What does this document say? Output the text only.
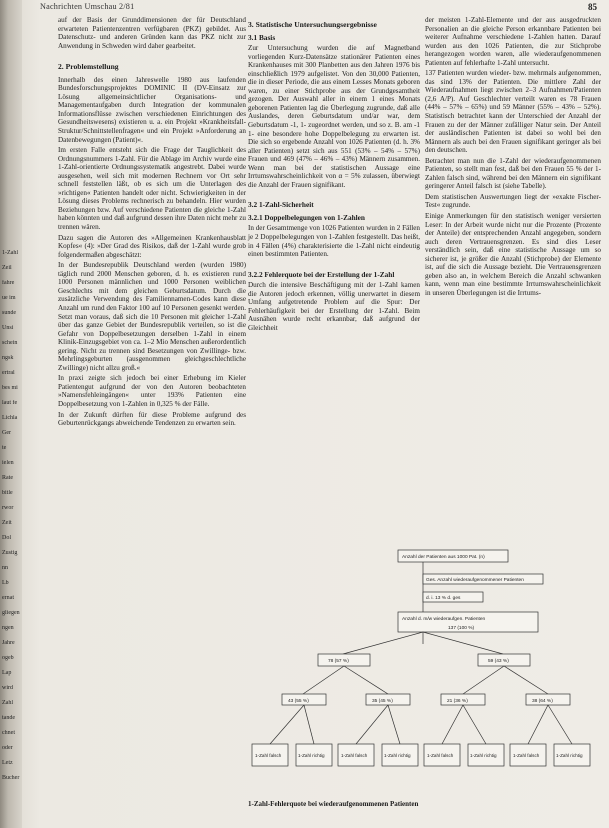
1-Zahl
Zeil
fahre
ue im
sunde
Unsi
schein
ngsk
ertral
bes mi
laut fe
Lichla
Ger
te
ielen
Rate
bitle
rwor
Zeit
Dol
Zustig
nn
Lb
ernat
gliegen
ngen
Jahre
ogeb
Lap
wird
Zahl
tande
chnet
oder
Letz
Bucher
Nachrichten Umschau 2/81	85

auf der Basis der Grunddimensionen der für Deutschland erwarteten Patientenzentren verfügbaren (PKZ) gebildet. Aus Datenschutz- und anderen Gründen kann das PKZ nicht zur Anwendung in Schweden wird daher gearbeitet.

2. Problemstellung

Innerhalb des einen Jahreswelle 1980 aus laufenden Bundesforschungsprojektes DOMINIC II (DV-Einsatz zur Lösung allgemeinsichtlicher Organisations- und Managementaufgaben durch Integration der kommunalen Informationsflüsse zwischen verschiedenen Einrichtungen des Gesundheitswesens) existieren u. a. ein Projekt »Krankheitsfall-Struktur/Schnittstellenfragen« und ein Projekt »Anforderung an Datenbewegungen (Patient)«.

Im ersten Falle entsteht sich die Frage der Tauglichkeit des Ordnungsnummers 1-Zahl. Für die Ablage im Archiv wurde eine 1-Zahl-orientierte Ordnungssystematik angestrebt. Dabei wurde ausgesehen, weil sich mit modernen Rechnern vor Ort sehr schnell feststellen läßt, ob es sich um die Unterlagen des »richtigen« Patienten handelt oder nicht. Schwierigkeiten in der Lösung dieses Problems rechnerisch zu behandeln. Hier wurden Beziehungen bzw. Auf verschiedene Patienten die gleiche 1-Zahl haben könnten und daß aufgrund dessen ihre Daten nicht mehr zu trennen wären.

Dazu sagen die Autoren des »Allgemeinen Krankenhausblatt Kopfes« (4): »Der Grad des Risikos, daß der 1-Zahl wurde grob folgendermaßen abgeschätzt:

In der Bundesrepublik Deutschland werden (wurden 1980) täglich rund 2000 Menschen geboren, d. h. es existieren rund 1000 Personen männlichen und 1000 Personen weiblichen Geschlechts mit dem gleichen Geburtsdatum. Durch die zusätzliche Verwendung des Familiennamen-Codes kann diese Anzahl um rund den Faktor 100 auf 10 Personen gesenkt werden. Setzt man voraus, daß sich die 10 Personen mit gleicher 1-Zahl über das ganze Gebiet der Bundesrepublik verteilen, so ist die Gefahr von Doppelbesetzungen derselben 1-Zahl in einem Klinik-Einzugsgebiet von ca. 1–2 Mio Menschen außerordentlich gering. Nicht zu trennen sind Besetzungen von Zwillinge- bzw. Mehrlingsgeburten (ausgenommen gleichgeschlechtliche Zwillinge) nicht allzu groß.«

In praxi zeigte sich jedoch bei einer Erhebung im Kieler Patientengut aufgrund der von den Autoren beobachteten »Namensfehleingängen« unter 193% Patienten eine Doppelbesetzung von 1-Zahlen in 0,325 % der Fälle.

In der Zukunft dürften für diese Probleme aufgrund des Geburtenrückgangs abweichende Tendenzen zu erwarten sein.

3. Statistische Untersuchungsergebnisse
3.1 Basis

Zur Untersuchung wurden die auf Magnetband vorliegenden Kurz-Datensätze stationärer Patienten eines Krankenhauses mit 300 Planbetten aus den Jahren 1976 bis einschließlich 1979 aufgelistet. Von den 30,000 Patienten, die in dieser Periode, die aus einem Lesses Monats geboren waren, zu einer Stichprobe aus der Grundgesamtheit gezogen. Der Auswahl aller in einem 1 eines Monats geborenen Patienten lag die Überlegung zugrunde, daß alle Auslandes, deren Geburtsdatum und/ar war, dem Geburtsdatum -1, 1- zugeordnet werden, und so z. B. am -1 1- eine besondere hohe Doppelbelegung zu erwarten ist. Die sich so ergebende Anzahl von 1026 Patienten (d. h. 3% aller Patienten) setzt sich aus 551 (53% – 54% – 57%) Frauen und 469 (47% – 46% – 43%) Männern zusammen. Wenn man bei der statistischen Aussage eine Irrtumswahrscheinlichkeit von α = 5% zulassen, überwiegt die Anzahl der Frauen signifikant.

3.2 1-Zahl-Sicherheit
3.2.1 Doppelbelegungen von 1-Zahlen

In der Gesamtmenge von 1026 Patienten wurden in 2 Fällen je 2 Doppelbelegungen von 1-Zahlen festgestellt. Das heißt, in 4 Fällen (4%) charakterisierte die 1-Zahl nicht eindeutig einen bestimmten Patienten.

3.2.2 Fehlerquote bei der Erstellung der 1-Zahl

Durch die intensive Beschäftigung mit der 1-Zahl kamen die Autoren jedoch erkennen, völlig unerwartet in diesem Umfang aufgetretende Problem auf die Spur: Der Fehlerhäufigkeit bei der Erstellung der 1-Zahl. Beim Ausnähen wurde recht erkannbar, daß aufgrund der Gleichheit

der meisten 1-Zahl-Elemente und der aus ausgedruckten Personalien an die gleiche Person erkannbare Patienten bei weiterer Aufnahme verschiedene 1-Zahlen hatten. Darauf wurden aus den 1026 Patienten, die zur Stichprobe herangezogen worden waren, alle wiederaufgenommenen Patienten auf fehlerhafte 1-Zahl untersucht.

137 Patienten wurden wieder- bzw. mehrmals aufgenommen, das sind 13% der Patienten. Die mittlere Zahl der Wiederaufnahmen liegt zwischen 2–3 Aufnahmen/Patienten (2,6 A/P). Auf Geschlechter verteilt waren es 78 Frauen (44% – 57% – 65%) und 59 Männer (55% – 43% – 52%). Statistisch betrachtet kann der Unterschied der Anzahl der Frauen zu der der Männer zufälliger Natur sein. Der Anteil der ausländischen Patienten ist dabei so wohl bei den Männern als auch bei den Frauen signifikant geringer als bei den deutschen.

Betrachtet man nun die 1-Zahl der wiederaufgenommenen Patienten, so stellt man fest, daß bei den Frauen 55 % der 1-Zahlen falsch sind, während bei den Männern ein signifikant geringerer Anteil falsch ist (siehe Tabelle).

Dem statistischen Auswertungen liegt der »exakte Fischer-Test« zugrunde.

Einige Anmerkungen für den statistisch weniger versierten Leser: In der Arbeit wurde nicht nur die Prozente (Prozente der Anteile) der entsprechenden Anzahl angegeben, sondern auch deren Vertrauensgrenzen. Es sind dies Leser verständlich sein, daß eine statistische Aussage um so sicherer ist, je größer die Anzahl (Stichprobe) der Elemente ist, auf die sich die Aussage bezieht. Die Vertrauensgrenzen geben also an, in welchem Bereich die Anzahl schwanken kann, wenn man eine bestimmte Irrtumswahrscheinlichkeit in unseren Überlegungen ist die Irrtums-

Anzahl der Patienten aus 1000 Pat. (n)
Ges. Anzahl wiederaufgenommener Patienten
d. i. 13 % d. ges
Anzahl d. m/w wiederaufgen. Patienten
137 (100 %)
78 (57 %)	59 (43 %)
43 (55 %)	35 (45 %)	21 (36 %)	38 (64 %)
1-Zahl falsch	1-Zahl richtig	1-Zahl falsch	1-Zahl richtig	1-Zahl falsch	1-Zahl richtig	1-Zahl falsch	1-Zahl richtig
1-Zahl-Fehlerquote bei wiederaufgenommenen Patienten
